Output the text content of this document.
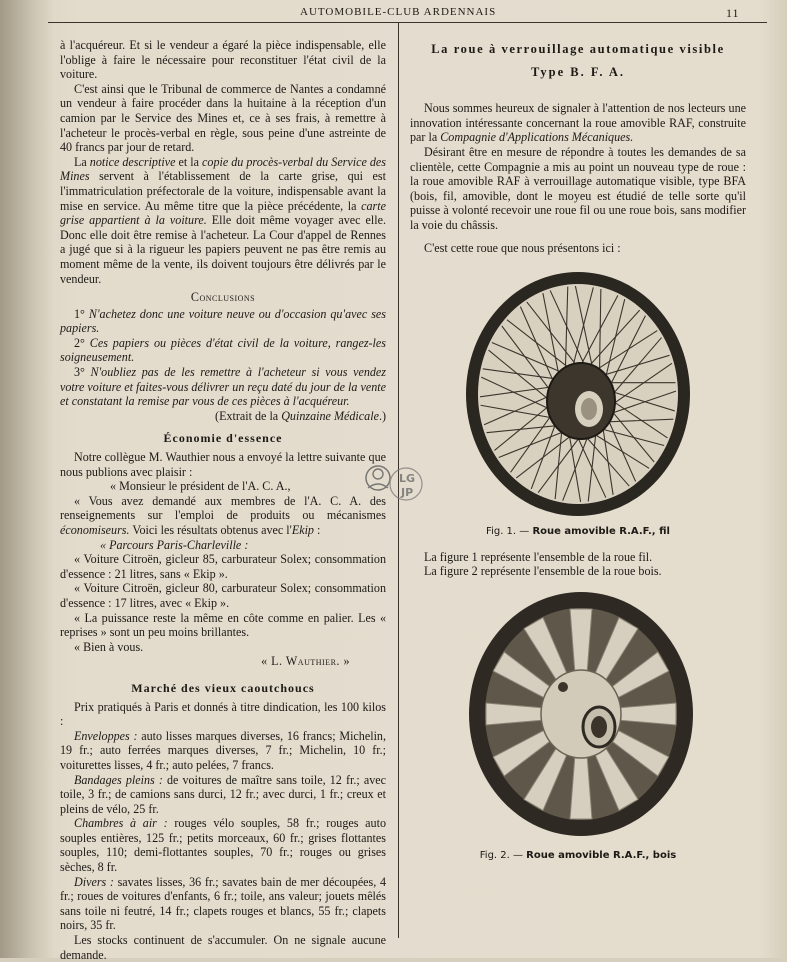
AUTOMOBILE-CLUB ARDENNAIS	11

à l'acquéreur. Et si le vendeur a égaré la pièce indispensable, elle l'oblige à faire le nécessaire pour reconstituer l'état civil de la voiture.

C'est ainsi que le Tribunal de commerce de Nantes a condamné un vendeur à faire procéder dans la huitaine à la réception d'un camion par le Service des Mines et, ce à ses frais, à remettre à l'acheteur le procès-verbal en règle, sous peine d'une astreinte de 40 francs par jour de retard.

La notice descriptive et la copie du procès-verbal du Service des Mines servent à l'établissement de la carte grise, qui est l'immatriculation préfectorale de la voiture, indispensable avant la mise en service. Au même titre que la pièce précédente, la carte grise appartient à la voiture. Elle doit même voyager avec elle. Donc elle doit être remise à l'acheteur. La Cour d'appel de Rennes a jugé que si à la rigueur les papiers peuvent ne pas être remis au moment même de la vente, ils doivent toujours être délivrés par le vendeur.

Conclusions

1° N'achetez donc une voiture neuve ou d'occasion qu'avec ses papiers.

2° Ces papiers ou pièces d'état civil de la voiture, rangez-les soigneusement.

3° N'oubliez pas de les remettre à l'acheteur si vous vendez votre voiture et faites-vous délivrer un reçu daté du jour de la vente et constatant la remise par vous de ces pièces à l'acquéreur.

(Extrait de la Quinzaine Médicale.)

Économie d'essence

Notre collègue M. Wauthier nous a envoyé la lettre suivante que nous publions avec plaisir :

« Monsieur le président de l'A. C. A.,

« Vous avez demandé aux membres de l'A. C. A. des renseignements sur l'emploi de produits ou mécanismes économiseurs. Voici les résultats obtenus avec l'Ekip :

« Parcours Paris-Charleville :

« Voiture Citroën, gicleur 85, carburateur Solex; consommation d'essence : 21 litres, sans « Ekip ».

« Voiture Citroën, gicleur 80, carburateur Solex; consommation d'essence : 17 litres, avec « Ekip ».

« La puissance reste la même en côte comme en palier. Les « reprises » sont un peu moins brillantes.

« Bien à vous.

« L. Wauthier. »

Marché des vieux caoutchoucs

Prix pratiqués à Paris et donnés à titre dindication, les 100 kilos :

Enveloppes : auto lisses marques diverses, 16 francs; Michelin, 19 fr.; auto ferrées marques diverses, 7 fr.; Michelin, 10 fr.; voiturettes lisses, 4 fr.; auto pelées, 7 francs.

Bandages pleins : de voitures de maître sans toile, 12 fr.; avec toile, 3 fr.; de camions sans durci, 12 fr.; avec durci, 1 fr.; creux et pleins de vélo, 25 fr.

Chambres à air : rouges vélo souples, 58 fr.; rouges auto souples entières, 125 fr.; petits morceaux, 60 fr.; grises flottantes souples, 110; demi-flottantes souples, 70 fr.; rouges ou grises sèches, 8 fr.

Divers : savates lisses, 36 fr.; savates bain de mer découpées, 4 fr.; roues de voitures d'enfants, 6 fr.; toile, ans valeur; jouets mêlés sans toile ni feutré, 14 fr.; clapets rouges et blancs, 55 fr.; clapets noirs, 35 fr.

Les stocks continuent de s'accumuler. On ne signale aucune demande.

LG
JP
La roue à verrouillage automatique visible
Type B. F. A.

Nous sommes heureux de signaler à l'attention de nos lecteurs une innovation intéressante concernant la roue amovible RAF, construite par la Compagnie d'Applications Mécaniques.

Désirant être en mesure de répondre à toutes les demandes de sa clientèle, cette Compagnie a mis au point un nouveau type de roue : la roue amovible RAF à verrouillage automatique visible, type BFA (bois, fil, amovible, dont le moyeu est étudié de telle sorte qu'il puisse à volonté recevoir une roue fil ou une roue bois, sans modifier la voie du châssis.

C'est cette roue que nous présentons ici :

Fig. 1. — Roue amovible R.A.F., fil

La figure 1 représente l'ensemble de la roue fil.

La figure 2 représente l'ensemble de la roue bois.

Fig. 2. — Roue amovible R.A.F., bois
